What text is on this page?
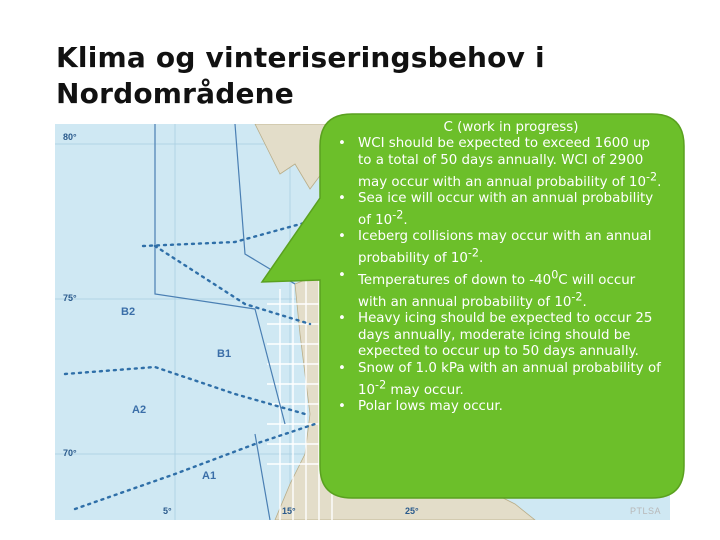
Klima og vinteriseringsbehov i Nordområdene
80°
75°
70°
5°	15°	25°
B2
B1
A2
A1
C (work in progress)
• WCI should be expected to exceed 1600 up to a total of 50 days annually. WCI of 2900 may occur with an annual probability of $10^{-2}$.
• Sea ice will occur with an annual probability of $10^{-2}$.
• Iceberg collisions may occur with an annual probability of $10^{-2}$.
• Temperatures of down to $-40^0C$ will occur with an annual probability of $10^{-2}$.
• Heavy icing should be expected to occur 25 days annually, moderate icing should be expected to occur up to 50 days annually.
• Snow of 1.0 kPa with an annual probability of $10^{-2}$ may occur.
• Polar lows may occur.
PTLSA
